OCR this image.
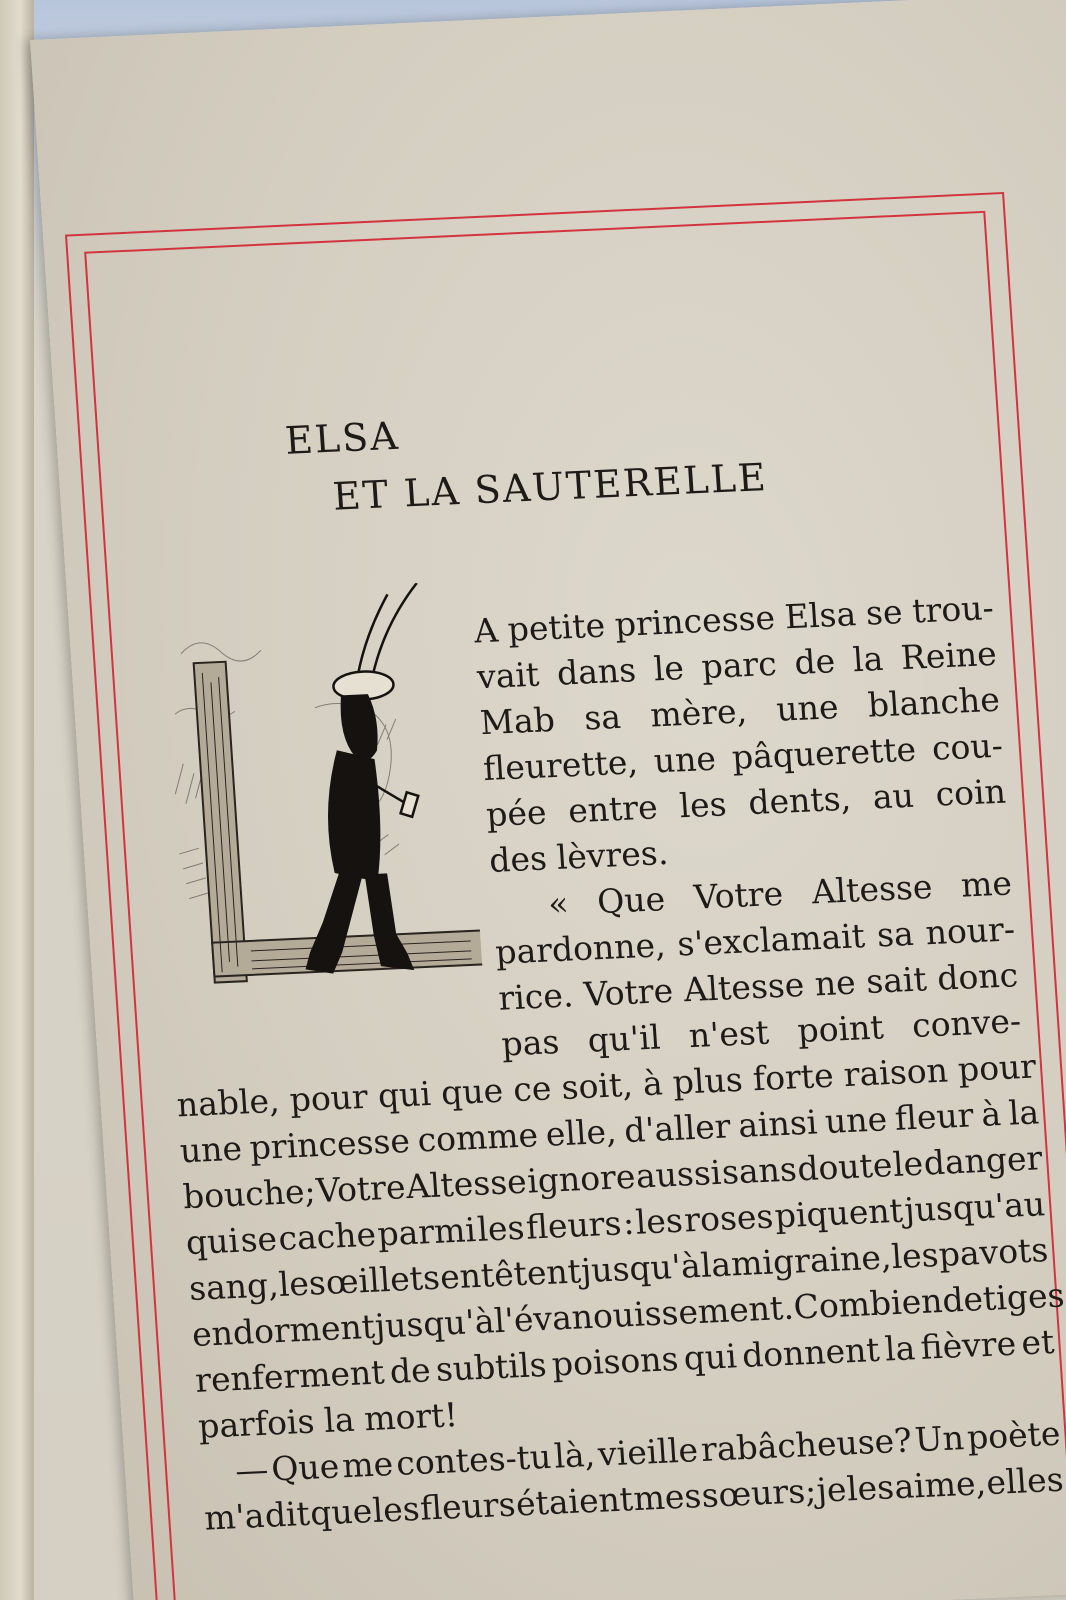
ELSA
ET LA SAUTERELLE
A petite princesse Elsa se trou-
vait dans le parc de la Reine
Mab sa mère, une blanche
fleurette, une pâquerette cou-
pée entre les dents, au coin
des lèvres.
« Que Votre Altesse me
pardonne, s'exclamait sa nour-
rice. Votre Altesse ne sait donc
pas qu'il n'est point conve-
nable, pour qui que ce soit, à plus forte raison pour
une princesse comme elle, d'aller ainsi une fleur à la
bouche;
Votre
Altesse
ignore
aussi
sans
doute
le
danger
qui se cache parmi les fleurs : les roses piquent jusqu'au
sang,
les
œillets
entêtent
jusqu'à
la
migraine,
les
pavots
endorment
jusqu'à
l'évanouissement.
Combien
de
tiges
renferment de subtils poisons qui donnent la fièvre et
parfois la mort!
— Que me contes-tu là, vieille rabâcheuse? Un poète
m'a
dit
que
les
fleurs
étaient
mes
sœurs;
je
les
aime,
elles
